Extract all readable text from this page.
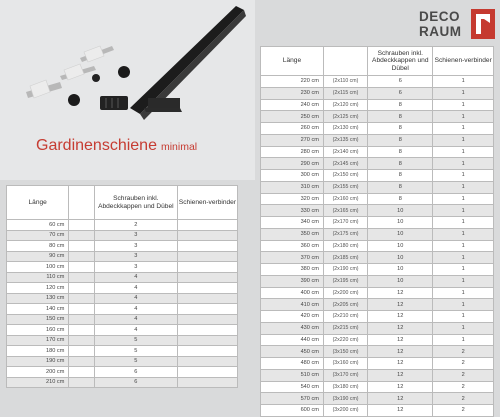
Gardinenschiene minimal
DECO
RAUM
Länge		Schrauben inkl. Abdeckkappen und Dübel	Schienen-verbinder
60 cm		2	
70 cm		3	
80 cm		3	
90 cm		3	
100 cm		3	
110 cm		4	
120 cm		4	
130 cm		4	
140 cm		4	
150 cm		4	
160 cm		4	
170 cm		5	
180 cm		5	
190 cm		5	
200 cm		6	
210 cm		6	
Länge		Schrauben inkl. Abdeckkappen und Dübel	Schienen-verbinder
220 cm	(2x110 cm)	6	1
230 cm	(2x115 cm)	6	1
240 cm	(2x120 cm)	8	1
250 cm	(2x125 cm)	8	1
260 cm	(2x130 cm)	8	1
270 cm	(2x135 cm)	8	1
280 cm	(2x140 cm)	8	1
290 cm	(2x145 cm)	8	1
300 cm	(2x150 cm)	8	1
310 cm	(2x155 cm)	8	1
320 cm	(2x160 cm)	8	1
330 cm	(2x165 cm)	10	1
340 cm	(2x170 cm)	10	1
350 cm	(2x175 cm)	10	1
360 cm	(2x180 cm)	10	1
370 cm	(2x185 cm)	10	1
380 cm	(2x190 cm)	10	1
390 cm	(2x195 cm)	10	1
400 cm	(2x200 cm)	12	1
410 cm	(2x205 cm)	12	1
420 cm	(2x210 cm)	12	1
430 cm	(2x215 cm)	12	1
440 cm	(2x220 cm)	12	1
450 cm	(3x150 cm)	12	2
480 cm	(3x160 cm)	12	2
510 cm	(3x170 cm)	12	2
540 cm	(3x180 cm)	12	2
570 cm	(3x190 cm)	12	2
600 cm	(3x200 cm)	12	2
